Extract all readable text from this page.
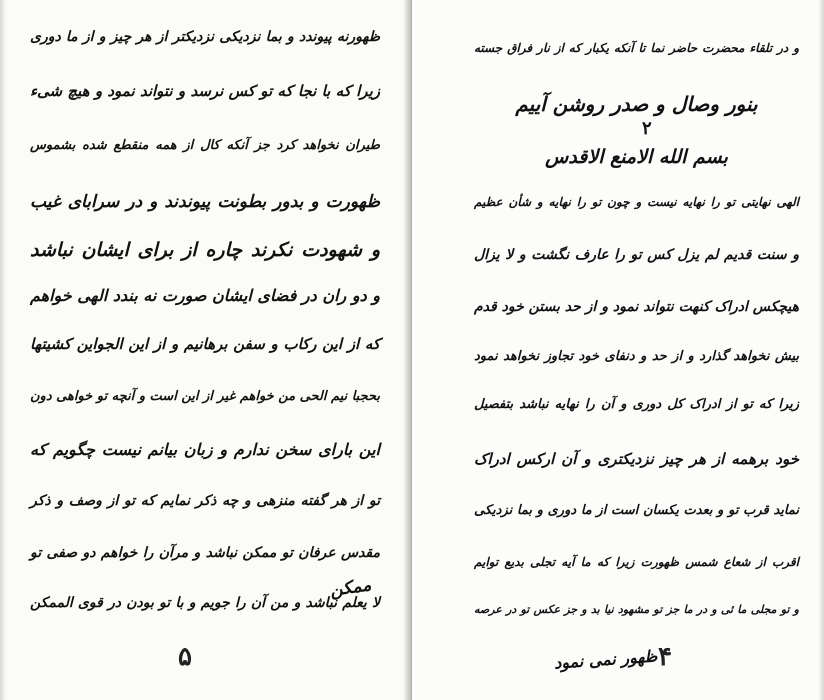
ظهورنه پیوندد و بما نزدیکی نزدیکتر از هر چیز و از ما دوری
زیرا که با نجا که تو کس نرسد و نتواند نمود و هیچ شیء
طیران نخواهد کرد جز آنکه کال از همه منقطع شده بشموس
ظهورت و بدور بطونت پیوندند و در سرابای غیب
و شهودت نکرند چاره از برای ایشان نباشد
و دو ران در فضای ایشان صورت نه بندد الهی خواهم
که از این رکاب و سفن برهانیم و از این الجواین کشیتها
بحجبا نیم الحی من خواهم غیر از این است و آنچه تو خواهی دون
این بارای سخن ندارم و زبان بیانم نیست چگویم که
تو از هر گفته منزهی و چه ذکر نمایم که تو از وصف و ذکر
مقدس عرفان تو ممکن نباشد و مرآن را خواهم دو صفی تو
لا یعلم نباشد و من آن را جویم و با تو بودن در قوی الممکن
ممکن
۵
و در تلقاء محضرت حاضر نما تا آنکه یکبار که از نار فراق جسته
بنور وصال و صدر روشن آییم
۲
بسم الله الامنع الاقدس
الهی نهایتی تو را نهایه نیست و چون تو را نهایه و شأن عظیم
و سنت قدیم لم یزل کس تو را عارف نگشت و لا یزال
هیچکس ادراک کنهت نتواند نمود و از حد بستن خود قدم
بیش نخواهد گذارد و از حد و دنفای خود تجاوز نخواهد نمود
زیرا که تو از ادراک کل دوری و آن را نهایه نباشد بتفصیل
خود برهمه از هر چیز نزدیکتری و آن ارکس ادراک
نماید قرب تو و بعدت یکسان است از ما دوری و بما نزدیکی
اقرب از شعاع شمس ظهورت زیرا که ما آیه تجلی بدیع توایم
و تو مجلی ما ئی و در ما جز تو مشهود نیا بد و جز عکس تو در عرصه
ظهور نمی نمود ۴
